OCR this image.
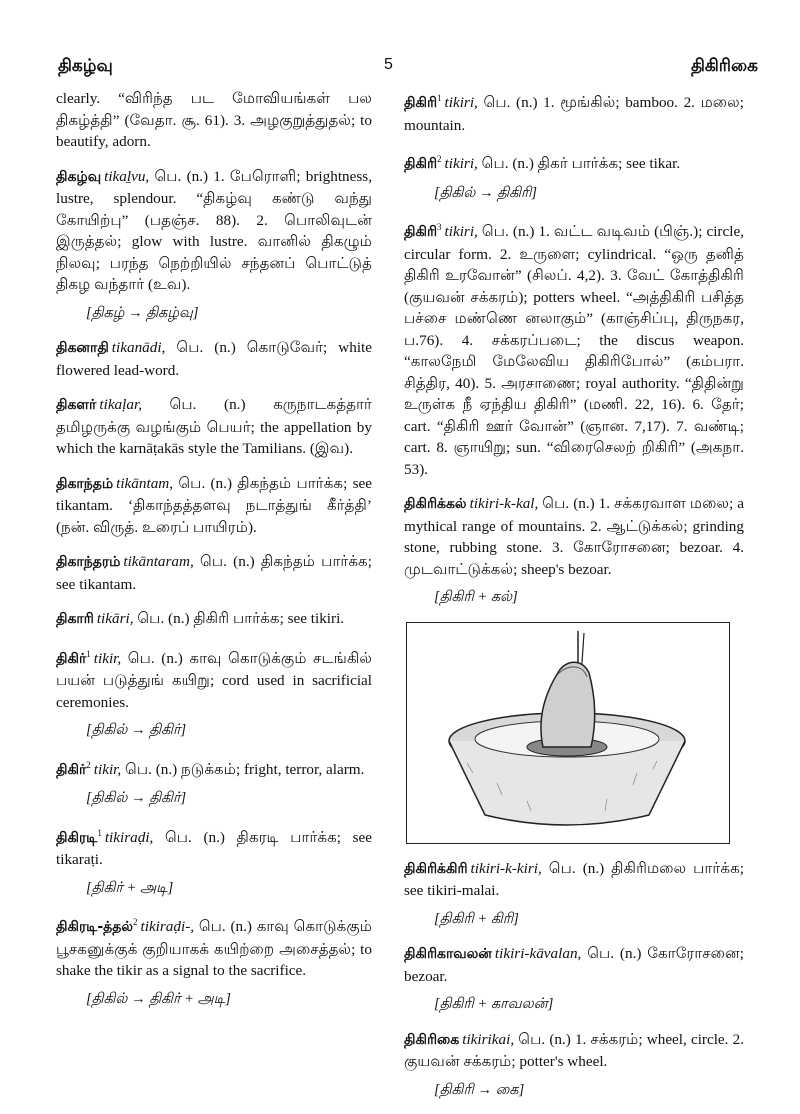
திகழ்வு	5	திகிரிகை
clearly. “விரிந்த பட மோவியங்கள் பல திகழ்த்தி” (வேதா. சூ. 61). 3. அழகுறுத்துதல்; to beautify, adorn.
திகழ்வு tikaḻvu, பெ. (n.) 1. பேரொளி; brightness, lustre, splendour. “திகழ்வு கண்டு வந்து கோயிற்பு” (பதஞ்ச. 88). 2. பொலிவுடன் இருத்தல்; glow with lustre. வானில் திகழும் நிலவு; பரந்த நெற்றியில் சந்தனப் பொட்டுத் திகழ வந்தார் (உவ).
[திகழ் → திகழ்வு]
திகனாதி tikanādi, பெ. (n.) கொடுவேர்; white flowered lead-word.
திகளர் tikaḷar, பெ. (n.) கருநாடகத்தார் தமிழருக்கு வழங்கும் பெயர்; the appellation by which the karnāṭakās style the Tamilians. (இவ).
திகாந்தம் tikāntam, பெ. (n.) திகந்தம் பார்க்க; see tikantam. ‘திகாந்தத்தளவு நடாத்துங் கீர்த்தி’ (நன். விருத். உரைப் பாயிரம்).
திகாந்தரம் tikāntaram, பெ. (n.) திகந்தம் பார்க்க; see tikantam.
திகாரி tikāri, பெ. (n.) திகிரி பார்க்க; see tikiri.
திகிர்$^1$ tikir, பெ. (n.) காவு கொடுக்கும் சடங்கில் பயன் படுத்துங் கயிறு; cord used in sacrificial ceremonies.
[திகில் → திகிர்]
திகிர்$^2$ tikir, பெ. (n.) நடுக்கம்; fright, terror, alarm.
[திகில் → திகிர்]
திகிரடி$^1$ tikiraḍi, பெ. (n.) திகரடி பார்க்க; see tikaraṭi.
[திகிர் + அடி]
திகிரடி-த்தல்$^2$ tikiraḍi-, பெ. (n.) காவு கொடுக்கும் பூசகனுக்குக் குறியாகக் கயிற்றை அசைத்தல்; to shake the tikir as a signal to the sacrifice.
[திகில் → திகிர் + அடி]
திகிரி$^1$ tikiri, பெ. (n.) 1. மூங்கில்; bamboo. 2. மலை; mountain.
திகிரி$^2$ tikiri, பெ. (n.) திகர் பார்க்க; see tikar.
[திகில் → திகிரி]
திகிரி$^3$ tikiri, பெ. (n.) 1. வட்ட வடிவம் (பிஞ்.); circle, circular form. 2. உருளை; cylindrical. “ஒரு தனித் திகிரி உரவோன்” (சிலப். 4,2). 3. வேட் கோத்திகிரி (குயவன் சக்கரம்); potters wheel. “அத்திகிரி பசித்த பச்சை மண்ணெ னலாகும்” (காஞ்சிப்பு, திருநகர, ப.76). 4. சக்கரப்படை; the discus weapon. “காலநேமி மேலேவிய திகிரிபோல்” (கம்பரா. சித்திர, 40). 5. அரசாணை; royal authority. “திதின்று உருள்க நீ ஏந்திய திகிரி” (மணி. 22, 16). 6. தேர்; cart. “திகிரி ஊர் வோன்” (ஞான. 7,17). 7. வண்டி; cart. 8. ஞாயிறு; sun. “விரைசெலற் றிகிரி” (அகநா. 53).
திகிரிக்கல் tikiri-k-kal, பெ. (n.) 1. சக்கரவாள மலை; a mythical range of mountains. 2. ஆட்டுக்கல்; grinding stone, rubbing stone. 3. கோரோசனை; bezoar. 4. முடவாட்டுக்கல்; sheep's bezoar.
[திகிரி + கல்]
திகிரிக்கிரி tikiri-k-kiri, பெ. (n.) திகிரிமலை பார்க்க; see tikiri-malai.
[திகிரி + கிரி]
திகிரிகாவலன் tikiri-kāvalan, பெ. (n.) கோரோசனை; bezoar.
[திகிரி + காவலன்]
திகிரிகை tikirikai, பெ. (n.) 1. சக்கரம்; wheel, circle. 2. குயவன் சக்கரம்; potter's wheel.
[திகிரி → கை]
